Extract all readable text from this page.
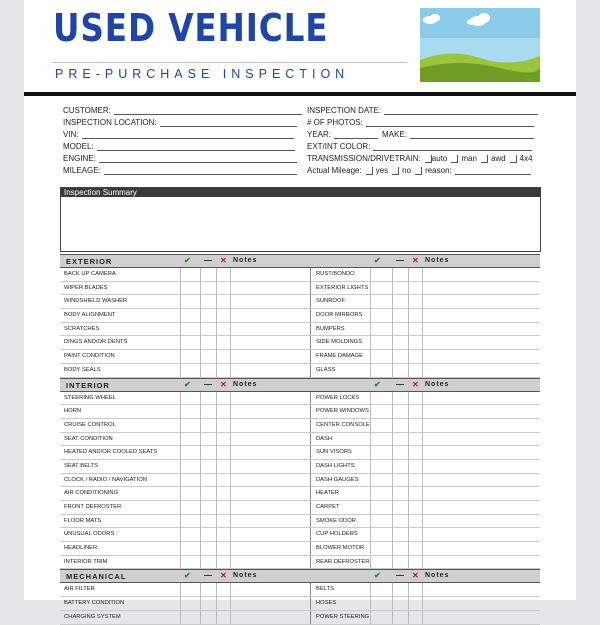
USED VEHICLE
PRE-PURCHASE INSPECTION
CUSTOMER:
INSPECTION LOCATION:
VIN:
MODEL:
ENGINE:
MILEAGE:
INSPECTION DATE:
# OF PHOTOS:
YEAR:	MAKE:
EXT/INT COLOR:
TRANSMISSION/DRIVETRAIN: auto man awd 4x4
Actual Mileage: yes no reason:
Inspection Summary
EXTERIOR	✔ — ✕ Notes	✔ — ✕ Notes
BACK UP CAMERA	RUST/BONDO
WIPER BLADES	EXTERIOR LIGHTS
WINDSHIELD WASHER	SUNROOF
BODY ALIGNMENT	DOOR MIRRORS
SCRATCHES	BUMPERS
DINGS AND/OR DENTS	SIDE MOLDINGS
PAINT CONDITION	FRAME DAMAGE
BODY SEALS	GLASS
INTERIOR	✔ — ✕ Notes	✔ — ✕ Notes
STEERING WHEEL	POWER LOCKS
HORN	POWER WINDOWS
CRUISE CONTROL	CENTER CONSOLE
SEAT CONDITION	DASH
HEATED AND/OR COOLED SEATS	SUN VISORS
SEAT BELTS	DASH LIGHTS
CLOCK / RADIO / NAVIGATION	DASH GAUGES
AIR CONDITIONING	HEATER
FRONT DEFROSTER	CARPET
FLOOR MATS	SMOKE ODOR
UNUSUAL ODORS	CUP HOLDERS
HEADLINER	BLOWER MOTOR
INTERIOR TRIM	REAR DEFROSTER
MECHANICAL	✔ — ✕ Notes	✔ — ✕ Notes
AIR FILTER	BELTS
BATTERY CONDITION	HOSES
CHARGING SYSTEM	POWER STEERING
